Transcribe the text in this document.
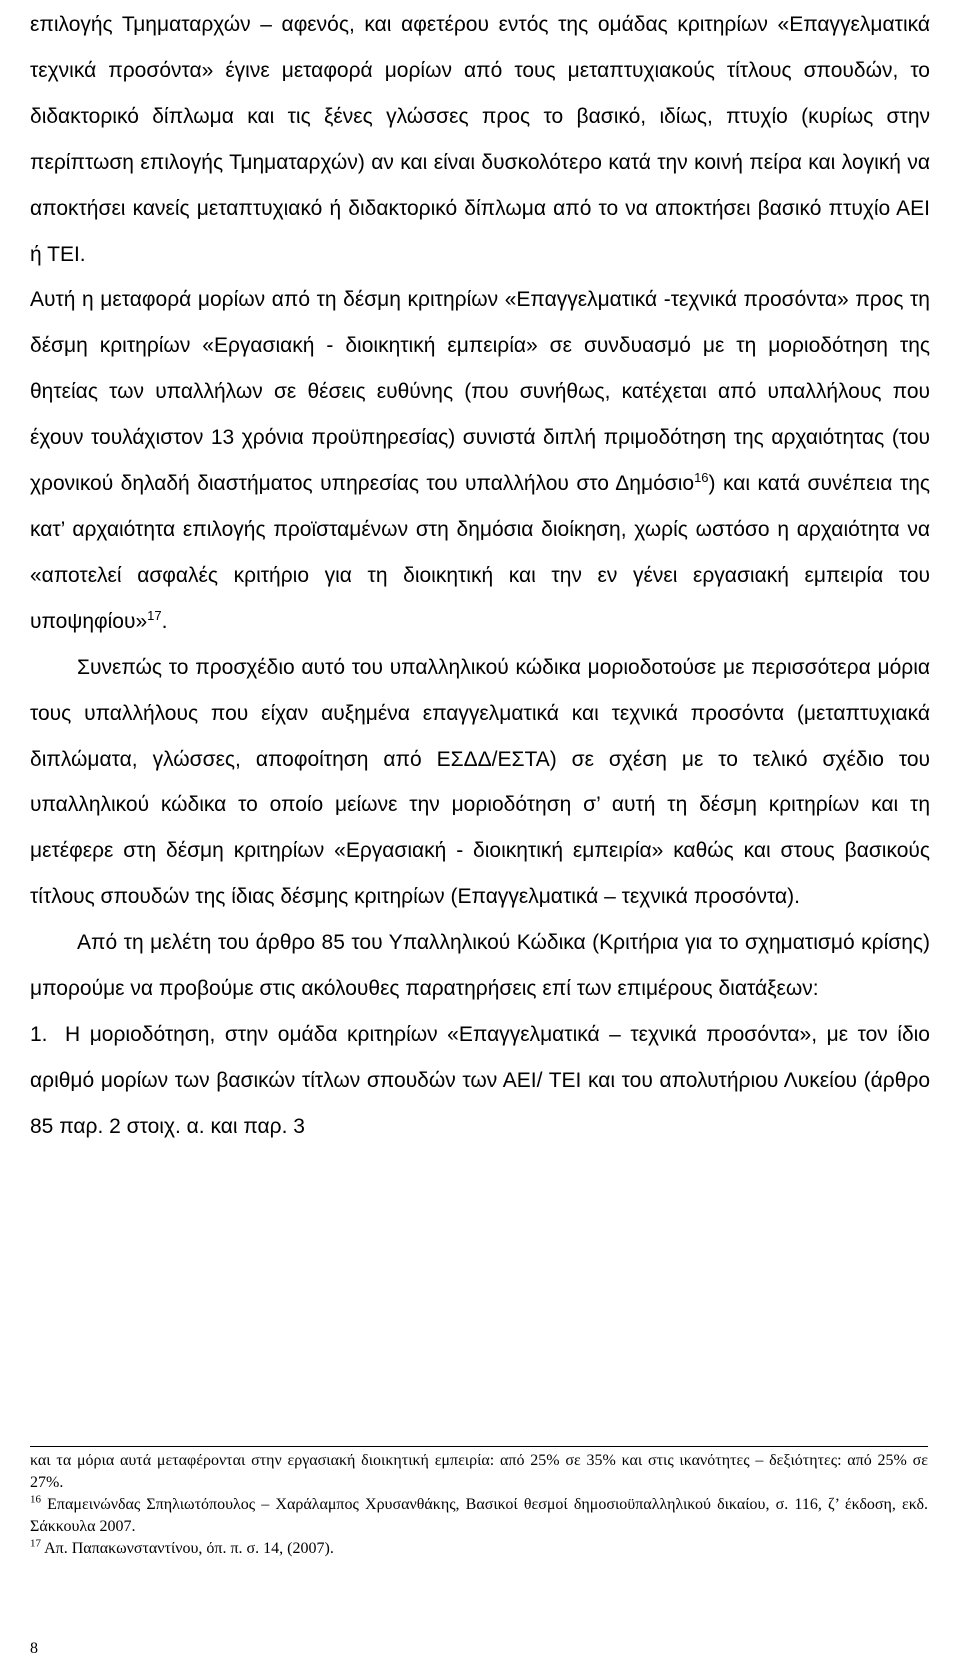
επιλογής Τμηματαρχών – αφενός, και αφετέρου εντός της ομάδας κριτηρίων «Επαγγελματικά τεχνικά προσόντα» έγινε μεταφορά μορίων από τους μεταπτυχιακούς τίτλους σπουδών, το διδακτορικό δίπλωμα και τις ξένες γλώσσες προς το βασικό, ιδίως, πτυχίο (κυρίως στην περίπτωση επιλογής Τμηματαρχών) αν και είναι δυσκολότερο κατά την κοινή πείρα και λογική να αποκτήσει κανείς μεταπτυχιακό ή διδακτορικό δίπλωμα από το να αποκτήσει βασικό πτυχίο ΑΕΙ ή ΤΕΙ.

Αυτή η μεταφορά μορίων από τη δέσμη κριτηρίων «Επαγγελματικά -τεχνικά προσόντα» προς τη δέσμη κριτηρίων «Εργασιακή - διοικητική εμπειρία» σε συνδυασμό με τη μοριοδότηση της θητείας των υπαλλήλων σε θέσεις ευθύνης (που συνήθως, κατέχεται από υπαλλήλους που έχουν τουλάχιστον 13 χρόνια προϋπηρεσίας) συνιστά διπλή πριμοδότηση της αρχαιότητας (του χρονικού δηλαδή διαστήματος υπηρεσίας του υπαλλήλου στο Δημόσιο$^{16}$) και κατά συνέπεια της κατ’ αρχαιότητα επιλογής προϊσταμένων στη δημόσια διοίκηση, χωρίς ωστόσο η αρχαιότητα να «αποτελεί ασφαλές κριτήριο για τη διοικητική και την εν γένει εργασιακή εμπειρία του υποψηφίου»$^{17}$.

Συνεπώς το προσχέδιο αυτό του υπαλληλικού κώδικα μοριοδοτούσε με περισσότερα μόρια τους υπαλλήλους που είχαν αυξημένα επαγγελματικά και τεχνικά προσόντα (μεταπτυχιακά διπλώματα, γλώσσες, αποφοίτηση από ΕΣΔΔ/ΕΣΤΑ) σε σχέση με το τελικό σχέδιο του υπαλληλικού κώδικα το οποίο μείωνε την μοριοδότηση σ’ αυτή τη δέσμη κριτηρίων και τη μετέφερε στη δέσμη κριτηρίων «Εργασιακή - διοικητική εμπειρία» καθώς και στους βασικούς τίτλους σπουδών της ίδιας δέσμης κριτηρίων (Επαγγελματικά – τεχνικά προσόντα).

Από τη μελέτη του άρθρο 85 του Υπαλληλικού Κώδικα (Κριτήρια για το σχηματισμό κρίσης) μπορούμε να προβούμε στις ακόλουθες παρατηρήσεις επί των επιμέρους διατάξεων:

1. Η μοριοδότηση, στην ομάδα κριτηρίων «Επαγγελματικά – τεχνικά προσόντα», με τον ίδιο αριθμό μορίων των βασικών τίτλων σπουδών των ΑΕΙ/ ΤΕΙ και του απολυτήριου Λυκείου (άρθρο 85 παρ. 2 στοιχ. α. και παρ. 3

και τα μόρια αυτά μεταφέρονται στην εργασιακή διοικητική εμπειρία: από 25% σε 35% και στις ικανότητες – δεξιότητες: από 25% σε 27%.

$^{16}$ Επαμεινώνδας Σπηλιωτόπουλος – Χαράλαμπος Χρυσανθάκης, Βασικοί θεσμοί δημοσιοϋπαλληλικού δικαίου, σ. 116, ζ’ έκδοση, εκδ. Σάκκουλα 2007.

$^{17}$ Απ. Παπακωνσταντίνου, όπ. π. σ. 14, (2007).

8
